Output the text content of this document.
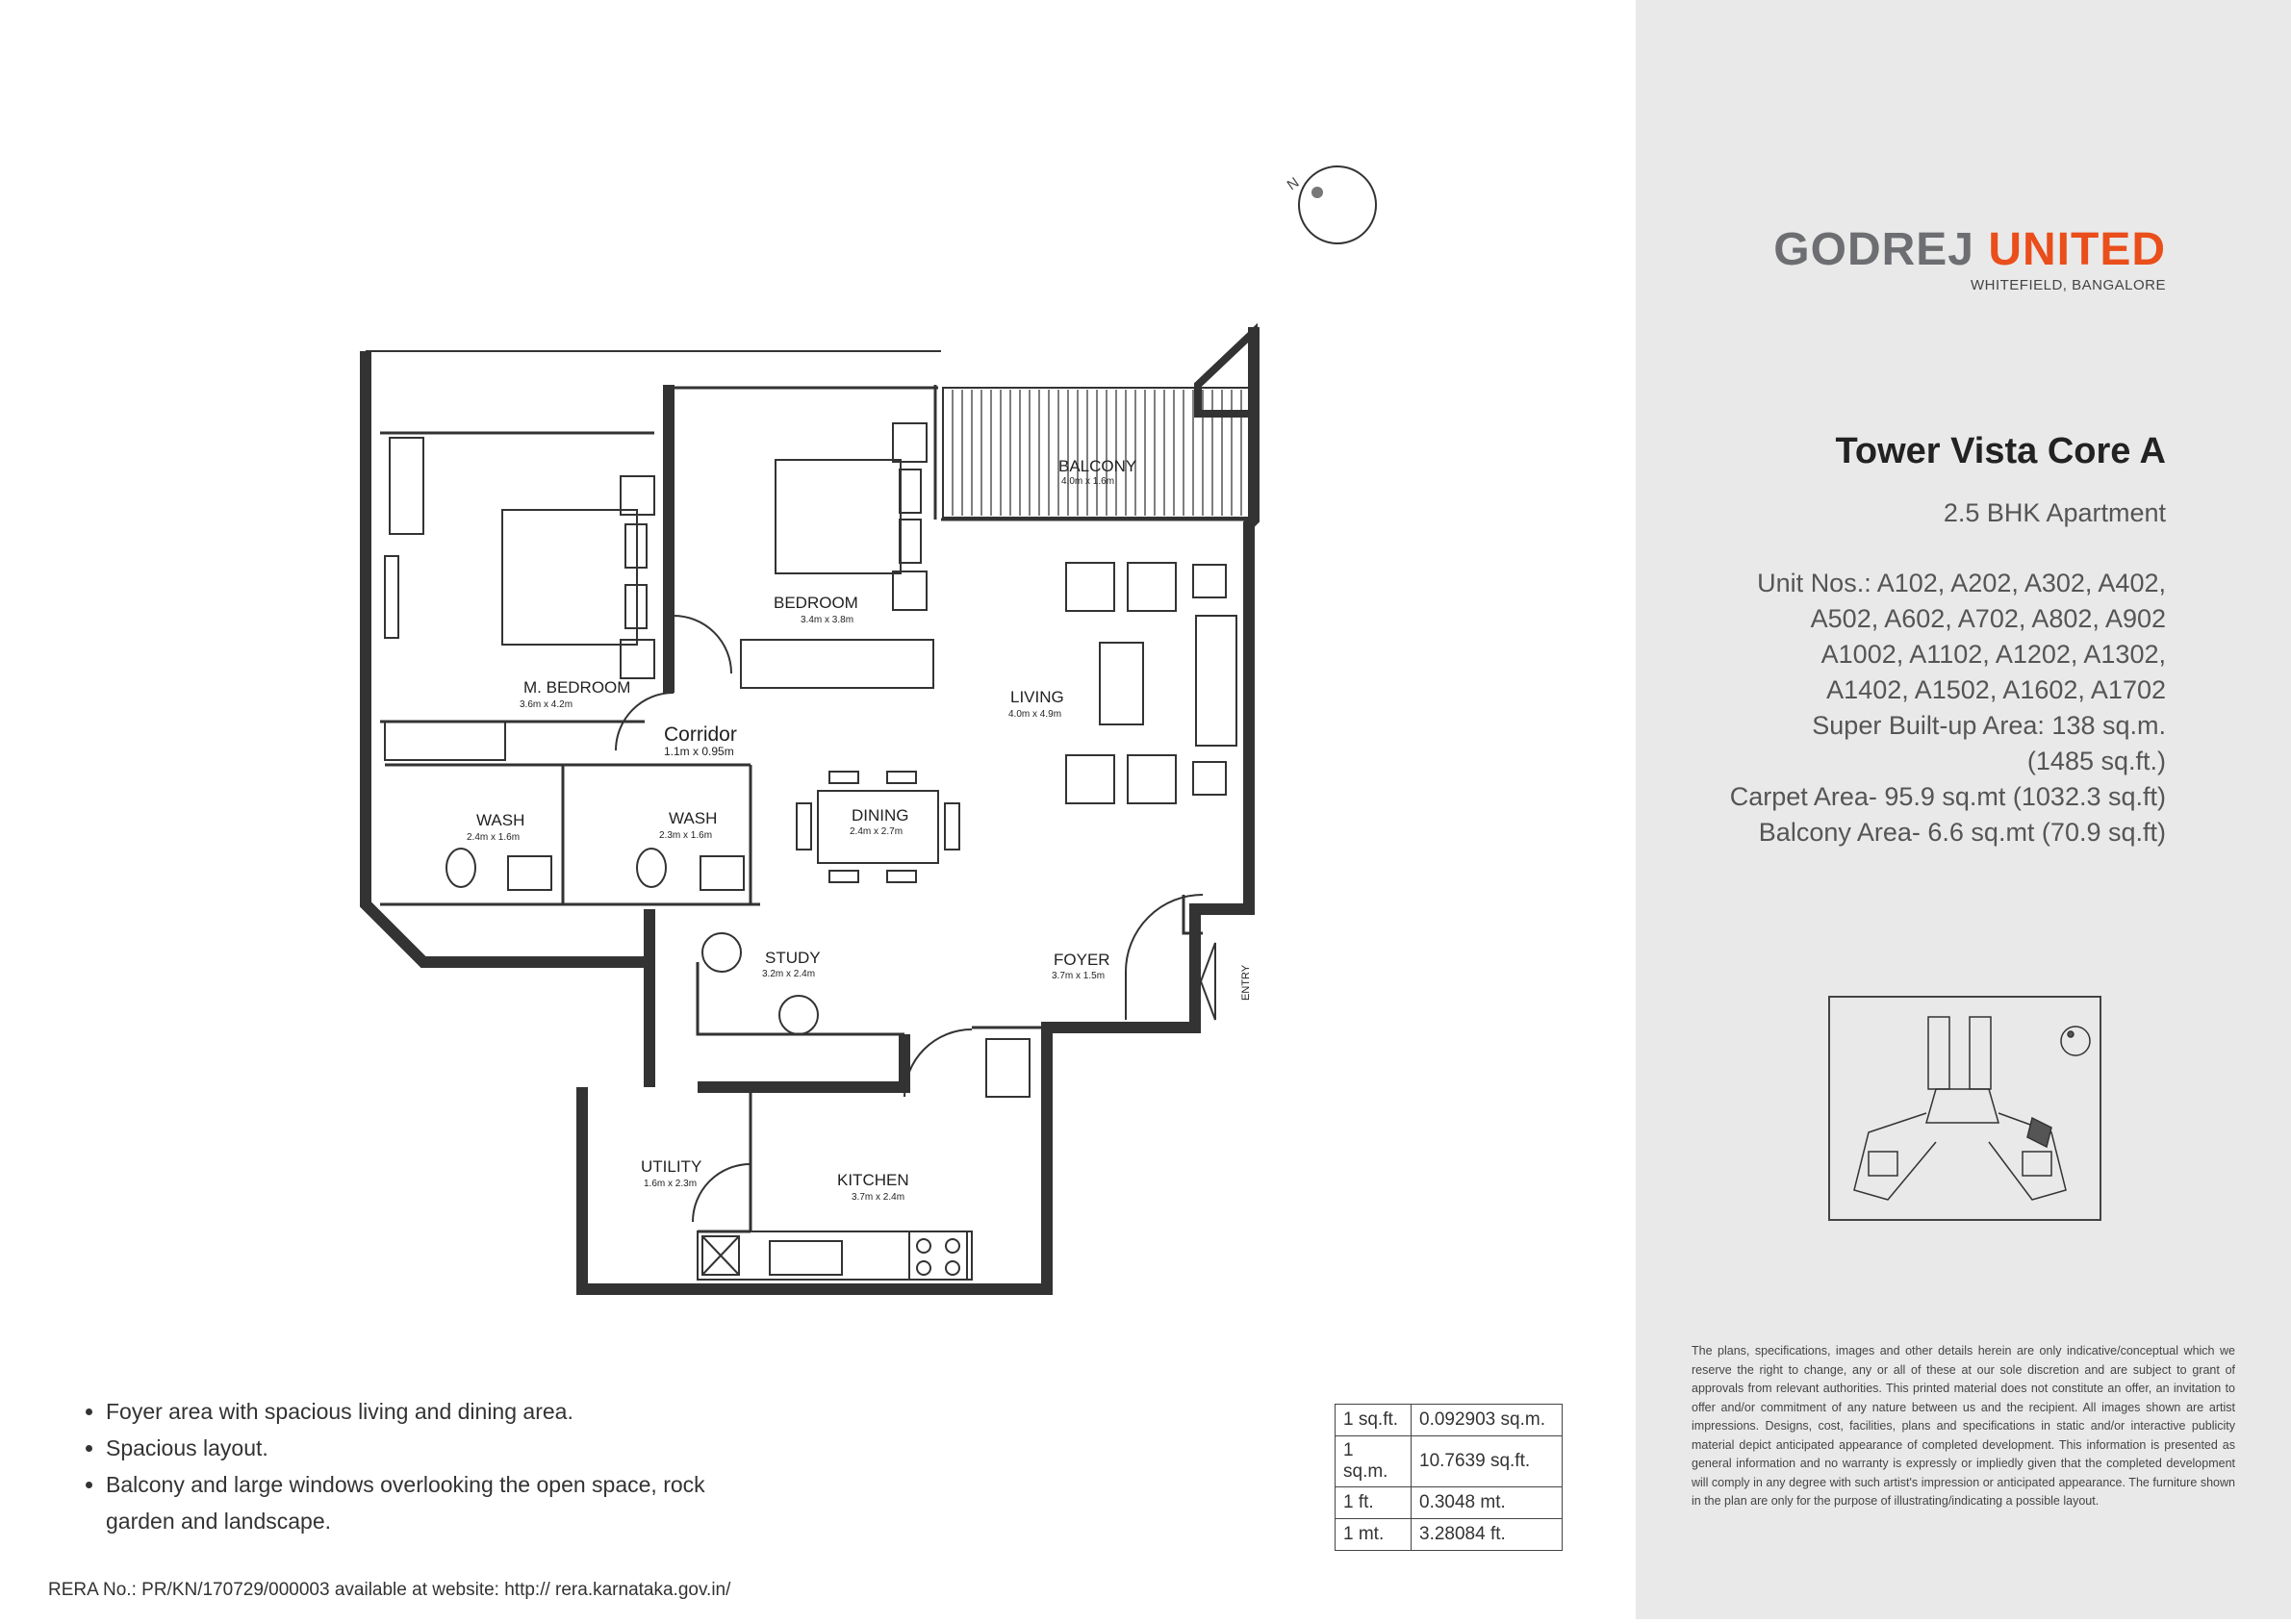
N
M. BEDROOM
3.6m x 4.2m
BEDROOM
3.4m x 3.8m
BALCONY
4.0m x 1.6m
LIVING
4.0m x 4.9m
Corridor
1.1m x 0.95m
WASH
2.4m x 1.6m
WASH
2.3m x 1.6m
DINING
2.4m x 2.7m
STUDY
3.2m x 2.4m
FOYER
3.7m x 1.5m
UTILITY
1.6m x 2.3m	KITCHEN
3.7m x 2.4m
ENTRY
• Foyer area with spacious living and dining area.
• Spacious layout.
• Balcony and large windows overlooking the open space, rock garden and landscape.
1 sq.ft.	0.092903 sq.m.
1 sq.m.	10.7639 sq.ft.
1 ft.	0.3048 mt.
1 mt.	3.28084 ft.
RERA No.: PR/KN/170729/000003 available at website: http:// rera.karnataka.gov.in/
GODREJ UNITED
WHITEFIELD, BANGALORE
Tower Vista Core A
2.5 BHK Apartment
Unit Nos.: A102, A202, A302, A402,
A502, A602, A702, A802, A902
A1002, A1102, A1202, A1302,
A1402, A1502, A1602, A1702
Super Built-up Area: 138 sq.m.
(1485 sq.ft.)
Carpet Area- 95.9 sq.mt (1032.3 sq.ft)
Balcony Area- 6.6 sq.mt (70.9 sq.ft)
The plans, specifications, images and other details herein are only indicative/conceptual which we reserve the right to change, any or all of these at our sole discretion and are subject to grant of approvals from relevant authorities. This printed material does not constitute an offer, an invitation to offer and/or commitment of any nature between us and the recipient. All images shown are artist impressions. Designs, cost, facilities, plans and specifications in static and/or interactive publicity material depict anticipated appearance of completed development. This information is presented as general information and no warranty is expressly or impliedly given that the completed development will comply in any degree with such artist's impression or anticipated appearance. The furniture shown in the plan are only for the purpose of illustrating/indicating a possible layout.
